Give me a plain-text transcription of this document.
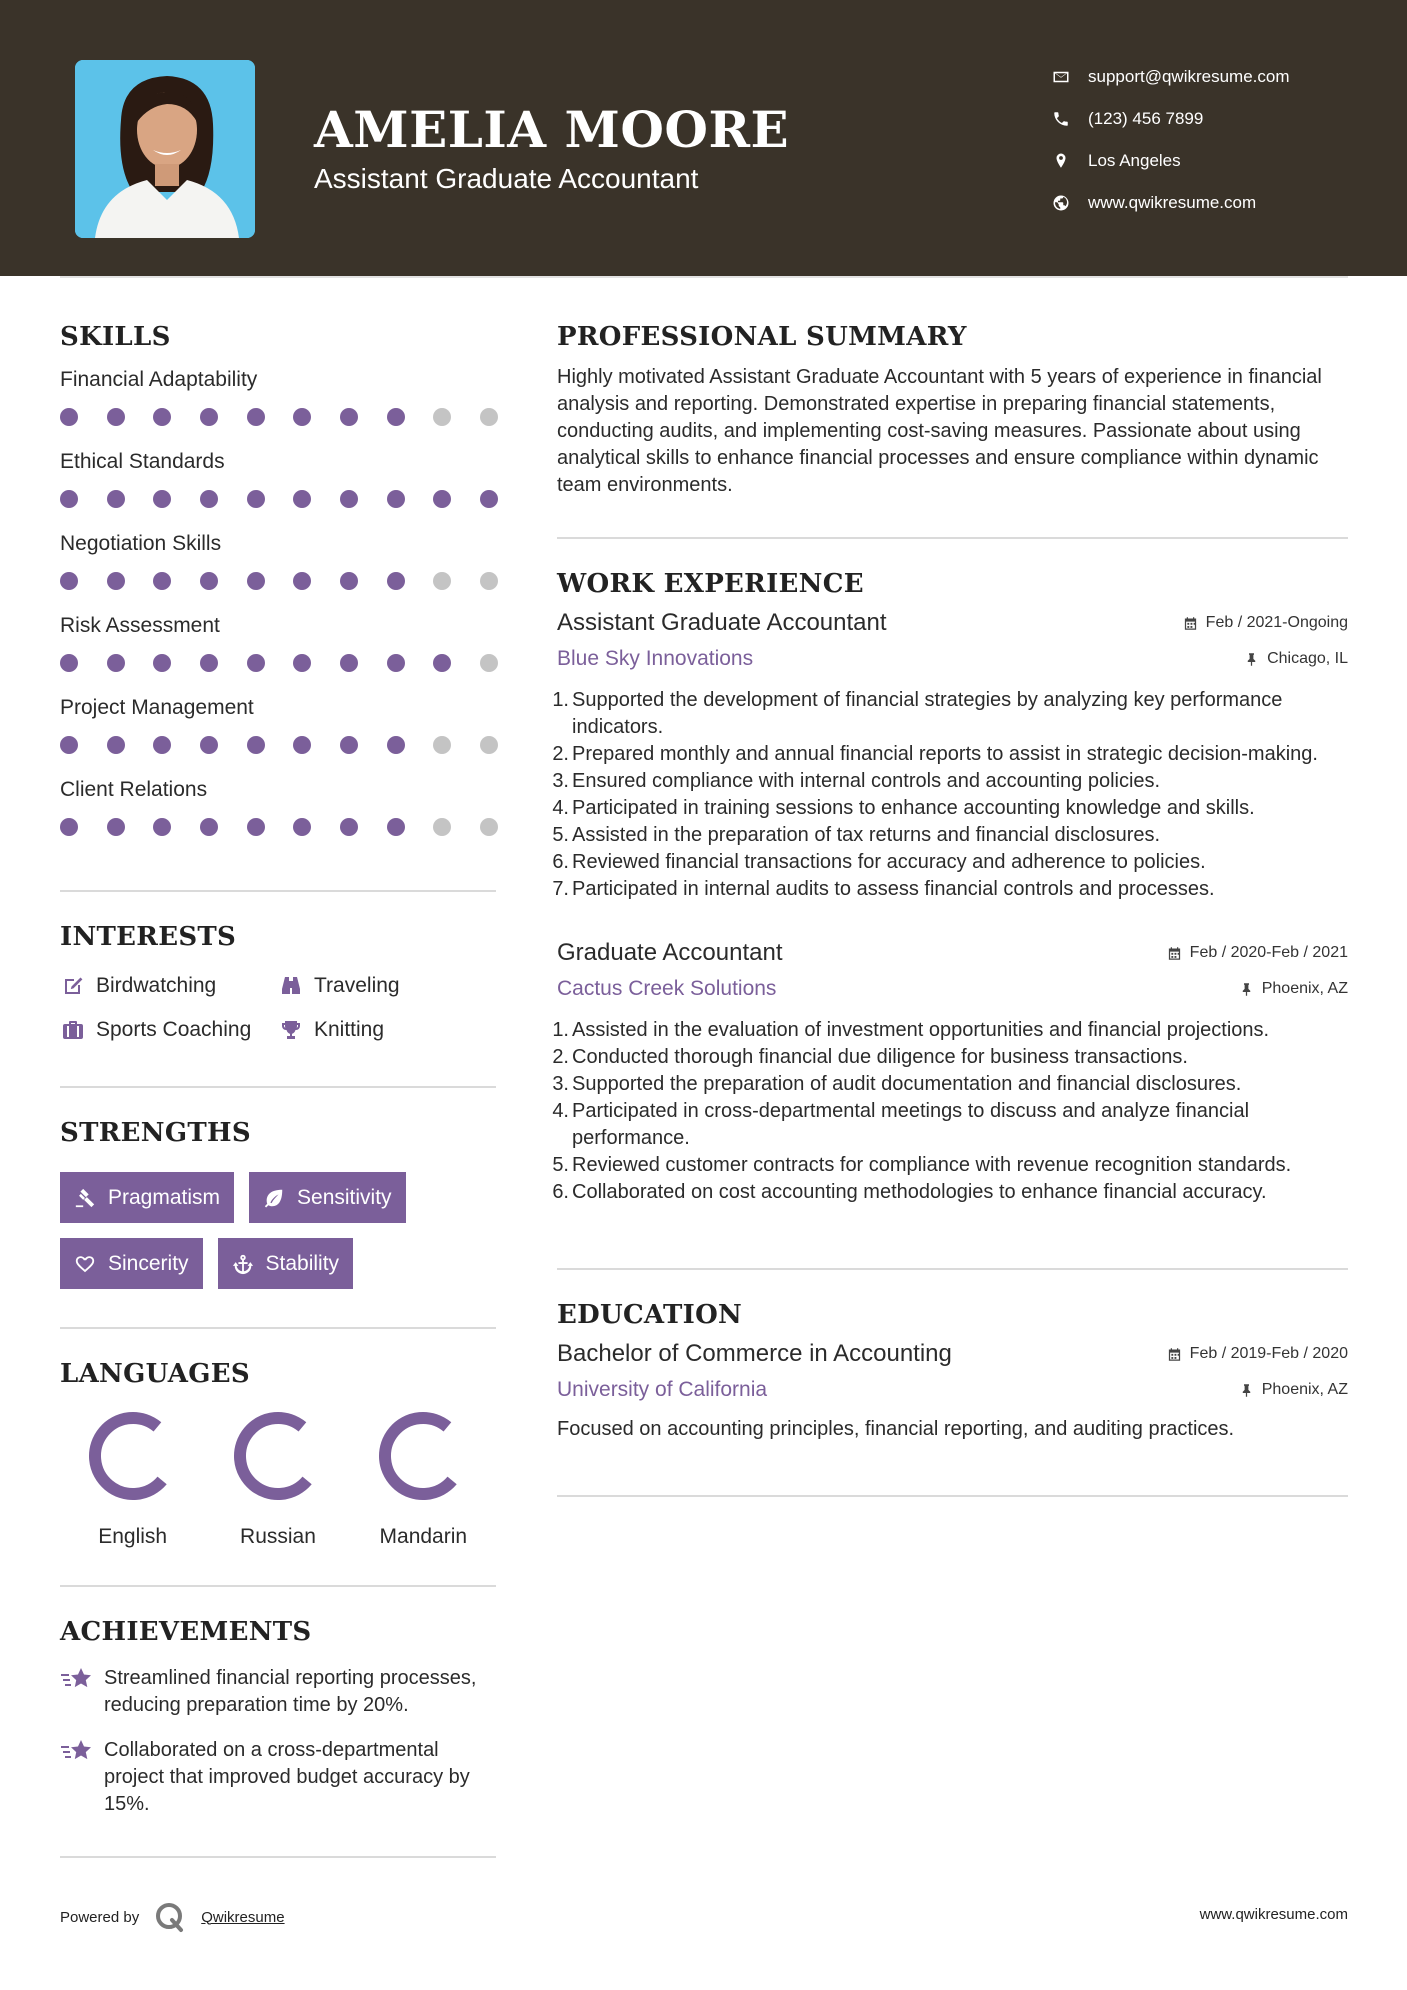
AMELIA MOORE
Assistant Graduate Accountant
support@qwikresume.com
(123) 456 7899
Los Angeles
www.qwikresume.com
SKILLS
Financial Adaptability
Ethical Standards
Negotiation Skills
Risk Assessment
Project Management
Client Relations
INTERESTS
Birdwatching	Traveling
Sports Coaching	Knitting
STRENGTHS
Pragmatism	Sensitivity
Sincerity	Stability
LANGUAGES
English	Russian	Mandarin
ACHIEVEMENTS
Streamlined financial reporting processes, reducing preparation time by 20%.
Collaborated on a cross-departmental project that improved budget accuracy by 15%.
PROFESSIONAL SUMMARY
Highly motivated Assistant Graduate Accountant with 5 years of experience in financial analysis and reporting. Demonstrated expertise in preparing financial statements, conducting audits, and implementing cost-saving measures. Passionate about using analytical skills to enhance financial processes and ensure compliance within dynamic team environments.
WORK EXPERIENCE
Assistant Graduate Accountant	Feb / 2021-Ongoing
Blue Sky Innovations	Chicago, IL
1. Supported the development of financial strategies by analyzing key performance indicators.
2. Prepared monthly and annual financial reports to assist in strategic decision-making.
3. Ensured compliance with internal controls and accounting policies.
4. Participated in training sessions to enhance accounting knowledge and skills.
5. Assisted in the preparation of tax returns and financial disclosures.
6. Reviewed financial transactions for accuracy and adherence to policies.
7. Participated in internal audits to assess financial controls and processes.
Graduate Accountant	Feb / 2020-Feb / 2021
Cactus Creek Solutions	Phoenix, AZ
1. Assisted in the evaluation of investment opportunities and financial projections.
2. Conducted thorough financial due diligence for business transactions.
3. Supported the preparation of audit documentation and financial disclosures.
4. Participated in cross-departmental meetings to discuss and analyze financial performance.
5. Reviewed customer contracts for compliance with revenue recognition standards.
6. Collaborated on cost accounting methodologies to enhance financial accuracy.
EDUCATION
Bachelor of Commerce in Accounting	Feb / 2019-Feb / 2020
University of California	Phoenix, AZ
Focused on accounting principles, financial reporting, and auditing practices.
Powered by	Qwikresume	www.qwikresume.com
